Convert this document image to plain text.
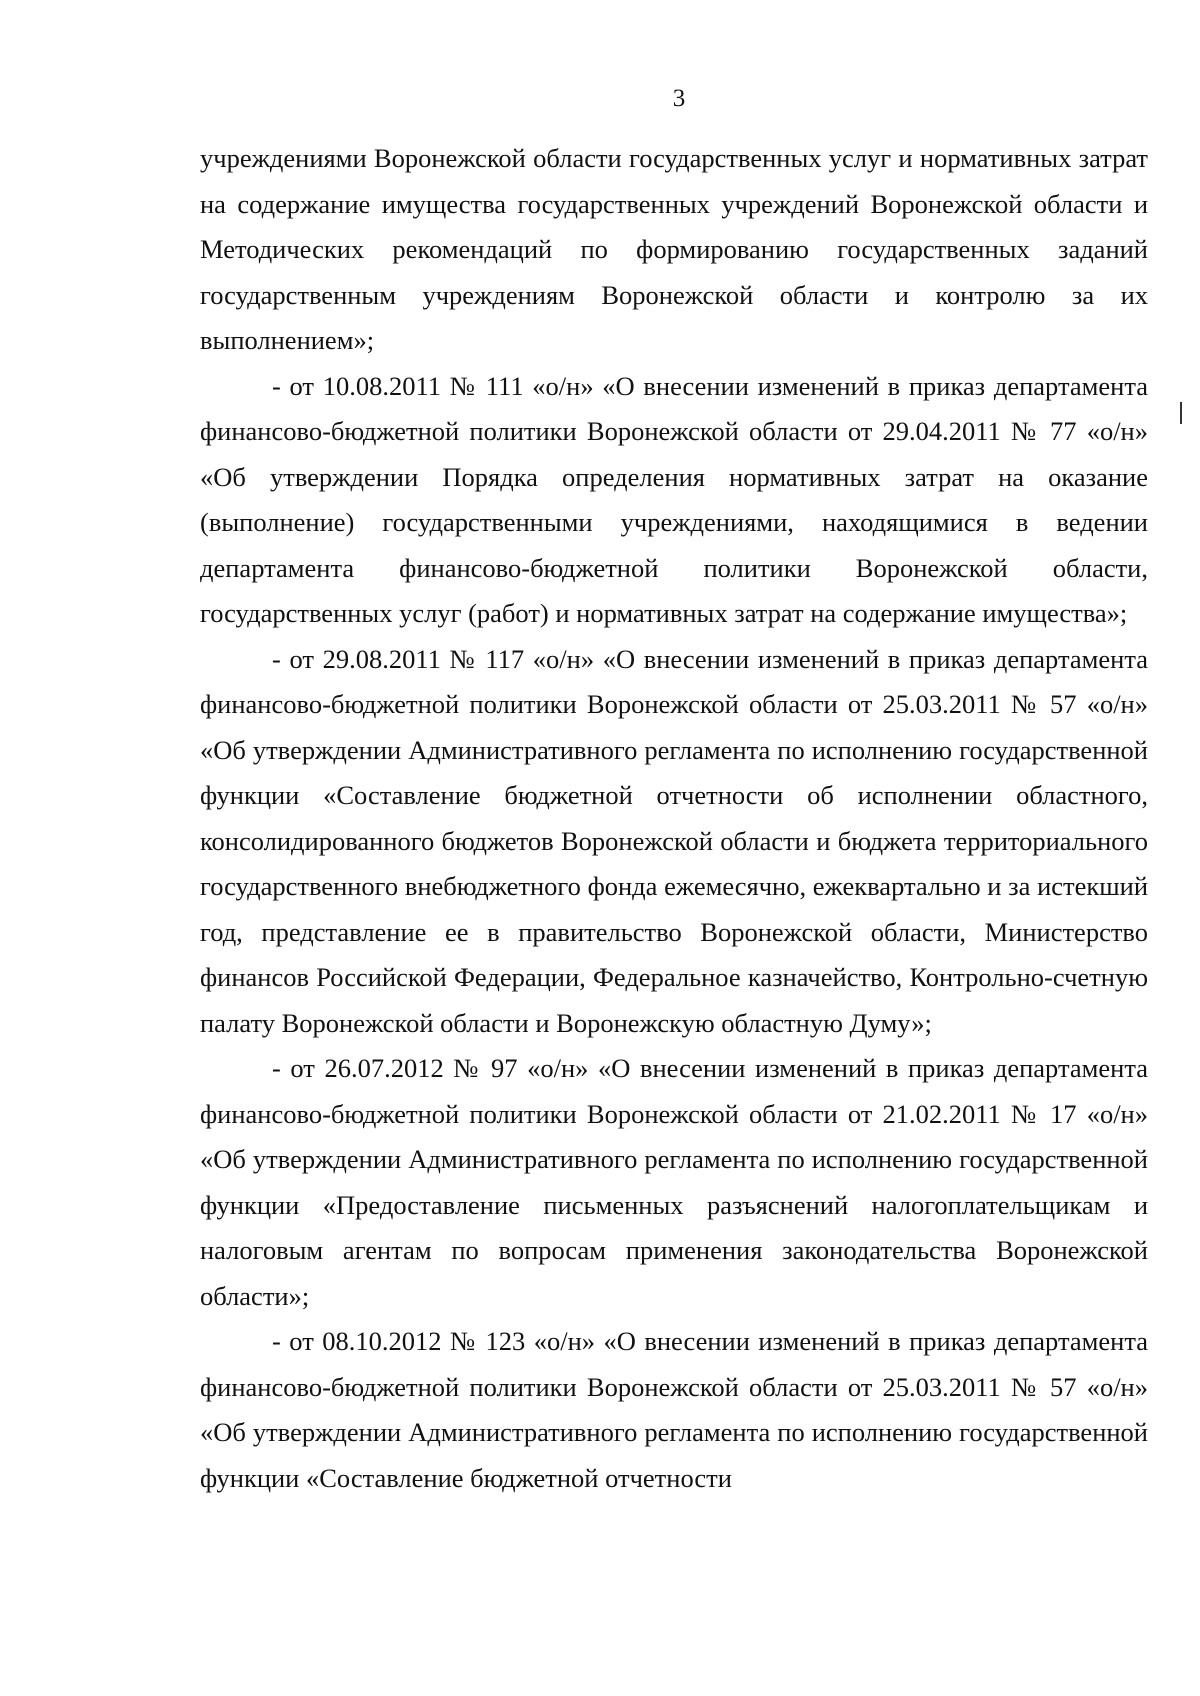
3

учреждениями Воронежской области государственных услуг и нормативных затрат на содержание имущества государственных учреждений Воронежской области и Методических рекомендаций по формированию государственных заданий государственным учреждениям Воронежской области и контролю за их выполнением»;

- от 10.08.2011 № 111 «о/н» «О внесении изменений в приказ департамента финансово-бюджетной политики Воронежской области от 29.04.2011 № 77 «о/н» «Об утверждении Порядка определения нормативных затрат на оказание (выполнение) государственными учреждениями, находящимися в ведении департамента финансово-бюджетной политики Воронежской области, государственных услуг (работ) и нормативных затрат на содержание имущества»;

- от 29.08.2011 № 117 «о/н» «О внесении изменений в приказ департамента финансово-бюджетной политики Воронежской области от 25.03.2011 № 57 «о/н» «Об утверждении Административного регламента по исполнению государственной функции «Составление бюджетной отчетности об исполнении областного, консолидированного бюджетов Воронежской области и бюджета территориального государственного внебюджетного фонда ежемесячно, ежеквартально и за истекший год, представление ее в правительство Воронежской области, Министерство финансов Российской Федерации, Федеральное казначейство, Контрольно-счетную палату Воронежской области и Воронежскую областную Думу»;

- от 26.07.2012 № 97 «о/н» «О внесении изменений в приказ департамента финансово-бюджетной политики Воронежской области от 21.02.2011 № 17 «о/н» «Об утверждении Административного регламента по исполнению государственной функции «Предоставление письменных разъяснений налогоплательщикам и налоговым агентам по вопросам применения законодательства Воронежской области»;

- от 08.10.2012 № 123 «о/н» «О внесении изменений в приказ департамента финансово-бюджетной политики Воронежской области от 25.03.2011 № 57 «о/н» «Об утверждении Административного регламента по исполнению государственной функции «Составление бюджетной отчетности
